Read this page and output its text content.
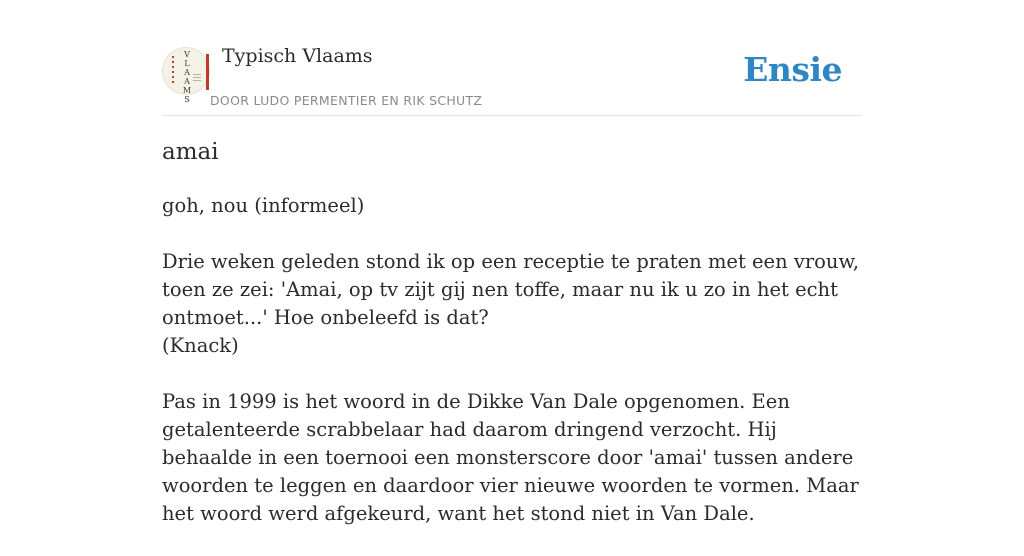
V
L
A
A
M
S
Typisch Vlaams
DOOR LUDO PERMENTIER EN RIK SCHUTZ
Ensie
amai

goh, nou (informeel)

Drie weken geleden stond ik op een receptie te praten met een vrouw, toen ze zei: 'Amai, op tv zijt gij nen toffe, maar nu ik u zo in het echt ontmoet...' Hoe onbeleefd is dat?
(Knack)

Pas in 1999 is het woord in de Dikke Van Dale opgenomen. Een getalenteerde scrabbelaar had daarom dringend verzocht. Hij behaalde in een toernooi een monsterscore door 'amai' tussen andere woorden te leggen en daardoor vier nieuwe woorden te vormen. Maar het woord werd afgekeurd, want het stond niet in Van Dale.
